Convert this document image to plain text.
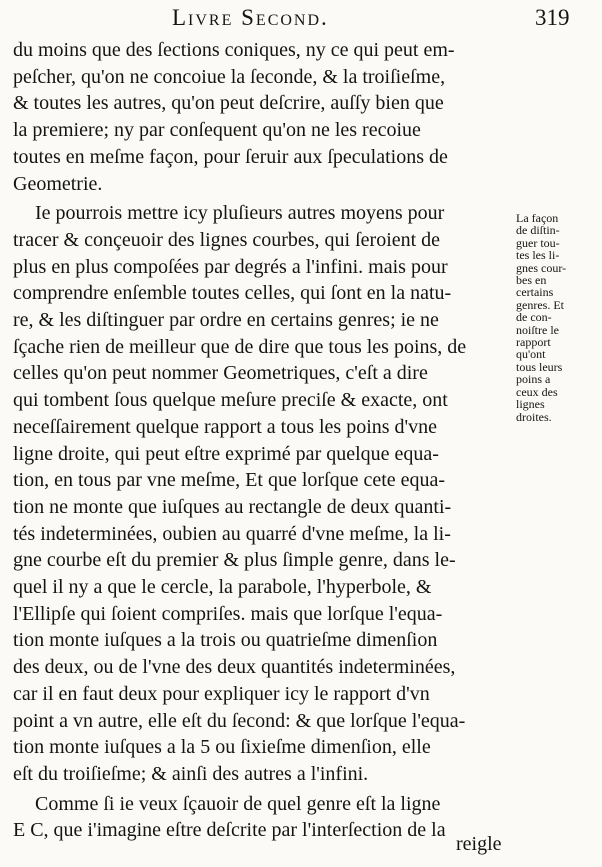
Livre Second.	319
du moins que des ſections coniques, ny ce qui peut em-
peſcher, qu'on ne concoiue la ſeconde, & la troiſieſme,
& toutes les autres, qu'on peut deſcrire, auſſy bien que
la premiere; ny par conſequent qu'on ne les recoiue
toutes en meſme façon, pour ſeruir aux ſpeculations de
Geometrie.
Ie pourrois mettre icy pluſieurs autres moyens pour
tracer & conçeuoir des lignes courbes, qui ſeroient de
plus en plus compoſées par degrés a l'infini. mais pour
comprendre enſemble toutes celles, qui ſont en la natu-
re, & les diſtinguer par ordre en certains genres; ie ne
ſçache rien de meilleur que de dire que tous les poins, de
celles qu'on peut nommer Geometriques, c'eſt a dire
qui tombent ſous quelque meſure preciſe & exacte, ont
neceſſairement quelque rapport a tous les poins d'vne
ligne droite, qui peut eſtre exprimé par quelque equa-
tion, en tous par vne meſme, Et que lorſque cete equa-
tion ne monte que iuſques au rectangle de deux quanti-
tés indeterminées, oubien au quarré d'vne meſme, la li-
gne courbe eſt du premier & plus ſimple genre, dans le-
quel il ny a que le cercle, la parabole, l'hyperbole, &
l'Ellipſe qui ſoient compriſes. mais que lorſque l'equa-
tion monte iuſques a la trois ou quatrieſme dimenſion
des deux, ou de l'vne des deux quantités indeterminées,
car il en faut deux pour expliquer icy le rapport d'vn
point a vn autre, elle eſt du ſecond: & que lorſque l'equa-
tion monte iuſques a la 5 ou ſixieſme dimenſion, elle
eſt du troiſieſme; & ainſi des autres a l'infini.
Comme ſi ie veux ſçauoir de quel genre eſt la ligne
E C, que i'imagine eſtre deſcrite par l'interſection de la
La façon
de diſtin-
guer tou-
tes les li-
gnes cour-
bes en
certains
genres. Et
de con-
noiſtre le
rapport
qu'ont
tous leurs
poins a
ceux des
lignes
droites.
reigle
